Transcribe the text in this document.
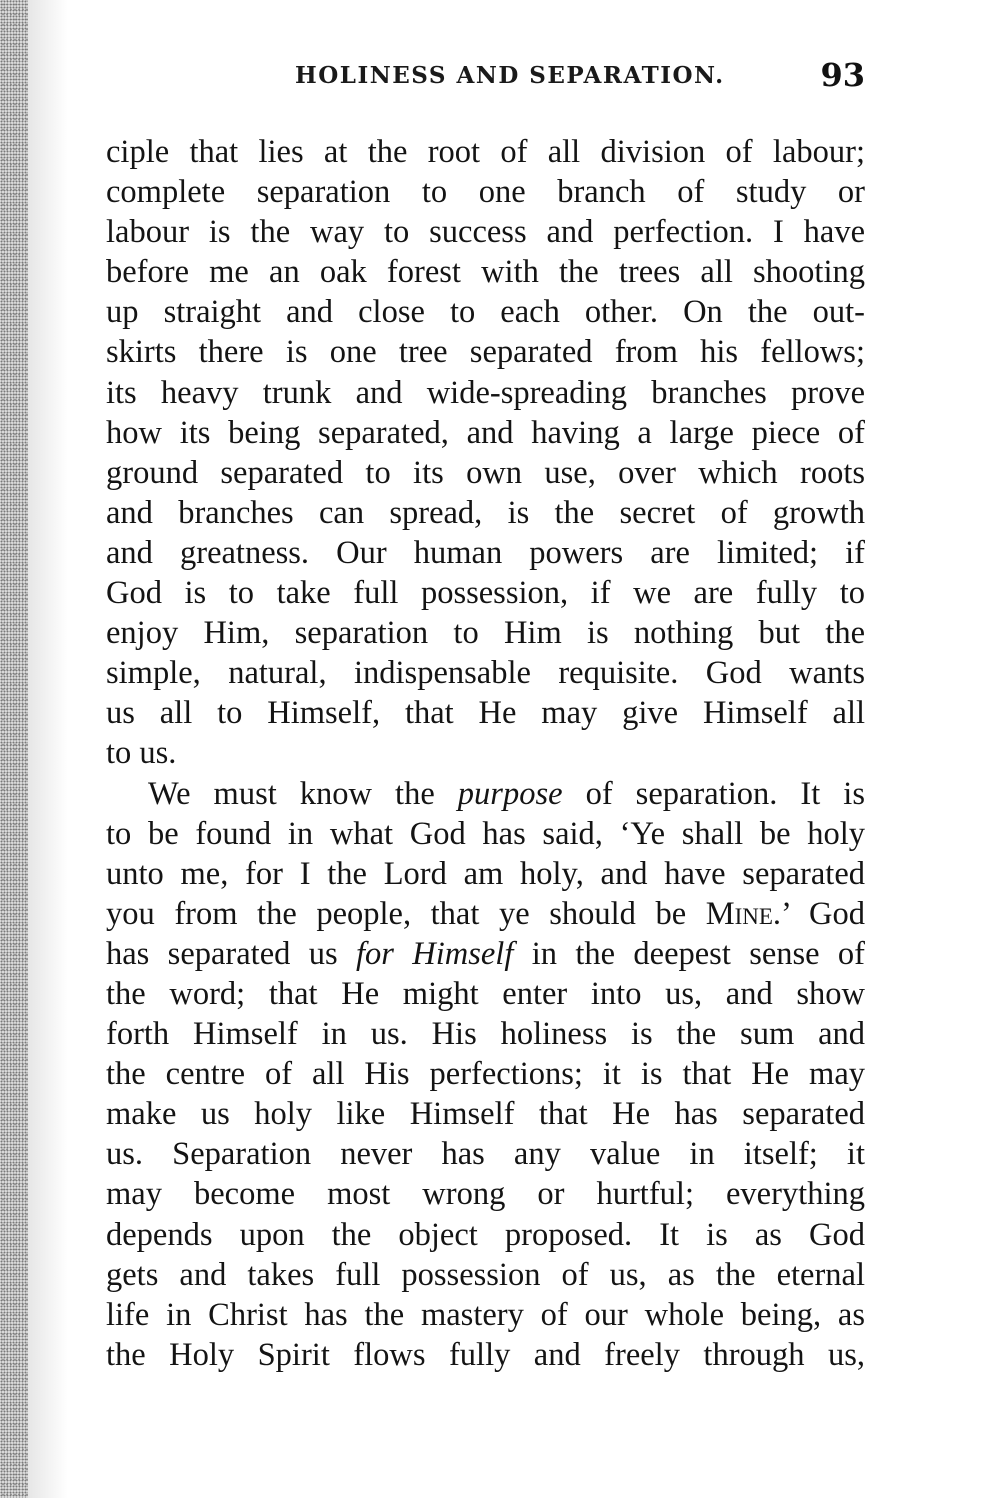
HOLINESS AND SEPARATION.	93
ciple that lies at the root of all division of labour;
complete separation to one branch of study or
labour is the way to success and perfection. I have
before me an oak forest with the trees all shooting
up straight and close to each other. On the out-
skirts there is one tree separated from his fellows;
its heavy trunk and wide-spreading branches prove
how its being separated, and having a large piece of
ground separated to its own use, over which roots
and branches can spread, is the secret of growth
and greatness. Our human powers are limited; if
God is to take full possession, if we are fully to
enjoy Him, separation to Him is nothing but the
simple, natural, indispensable requisite. God wants
us all to Himself, that He may give Himself all
to us.
We must know the purpose of separation. It is
to be found in what God has said, ‘Ye shall be holy
unto me, for I the Lord am holy, and have separated
you from the people, that ye should be Mine.’ God
has separated us for Himself in the deepest sense of
the word; that He might enter into us, and show
forth Himself in us. His holiness is the sum and
the centre of all His perfections; it is that He may
make us holy like Himself that He has separated
us. Separation never has any value in itself; it
may become most wrong or hurtful; everything
depends upon the object proposed. It is as God
gets and takes full possession of us, as the eternal
life in Christ has the mastery of our whole being, as
the Holy Spirit flows fully and freely through us,
